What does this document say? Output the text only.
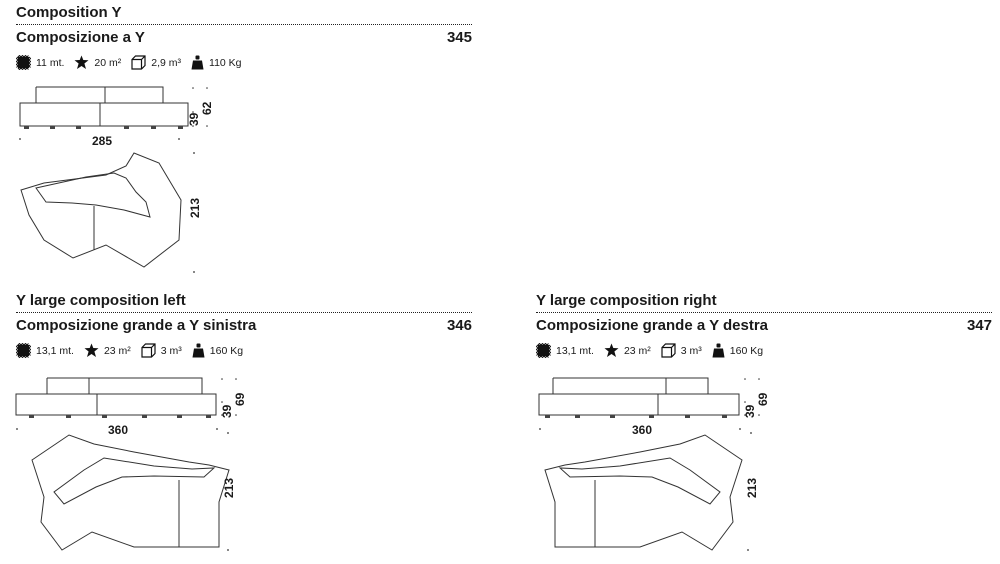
Composition Y
Composizione a Y	345
11 mt.	20 m²	2,9 m³	110 Kg
39
62
285
213
Y large composition left
Composizione grande a Y sinistra	346
13,1 mt.	23 m²	3 m³	160 Kg
39
69
360
213
Y large composition right
Composizione grande a Y destra	347
13,1 mt.	23 m²	3 m³	160 Kg
39
69
360
213
